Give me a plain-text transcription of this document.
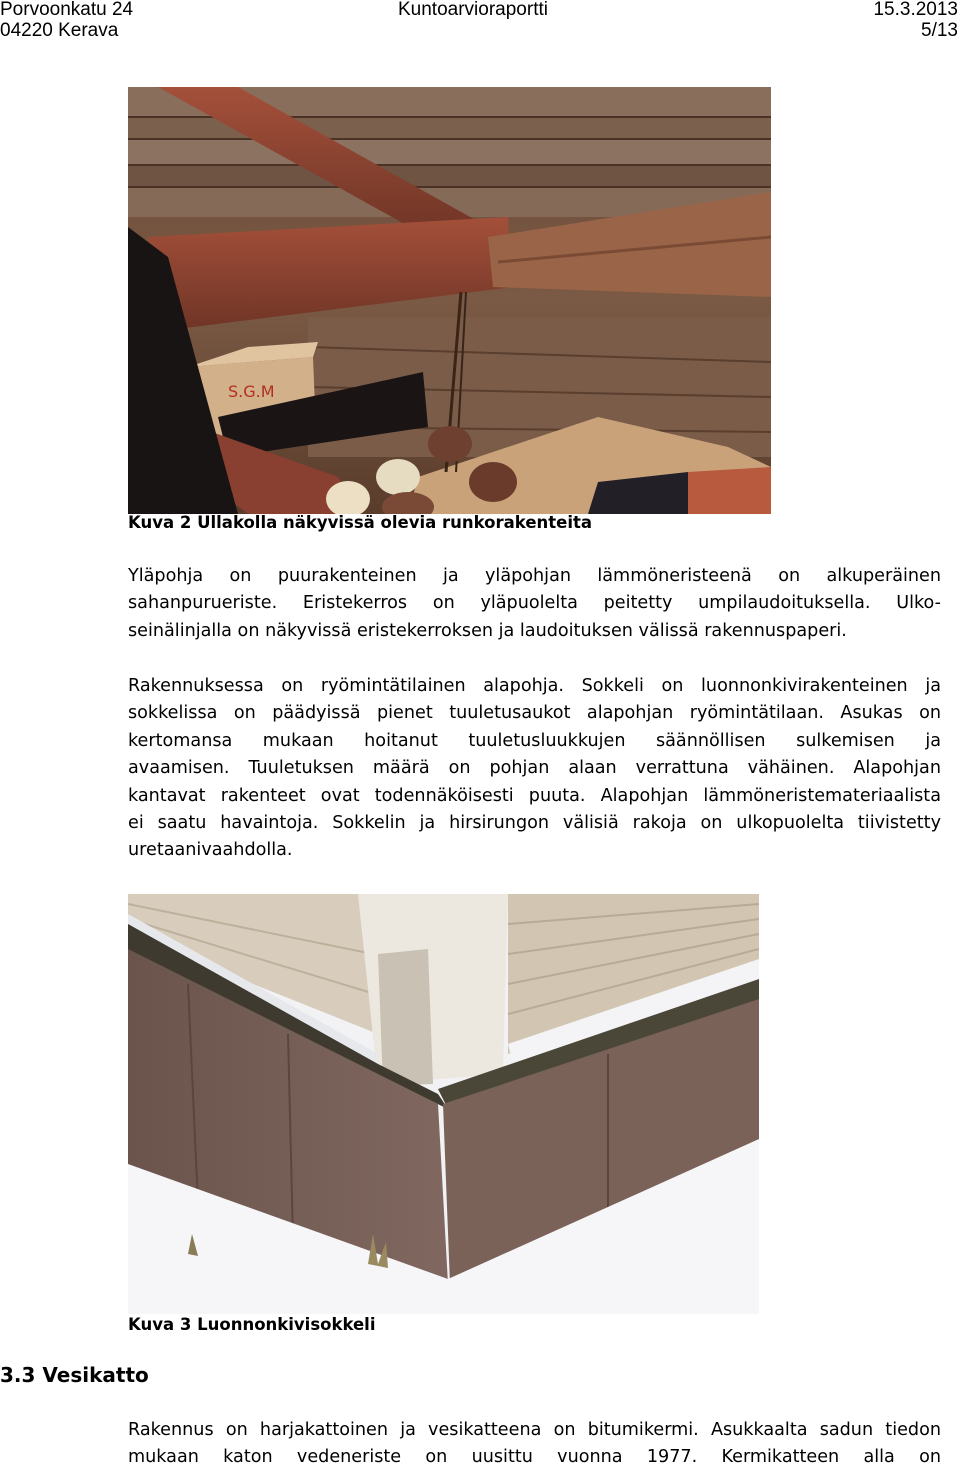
Porvoonkatu 24
04220 Kerava
Kuntoarvioraportti	15.3.2013
5/13
S.G.M
Kuva 2 Ullakolla näkyvissä olevia runkorakenteita
Yläpohja on puurakenteinen ja yläpohjan lämmöneristeenä on alkuperäinen
sahanpurueriste. Eristekerros on yläpuolelta peitetty umpilaudoituksella. Ulko-
seinälinjalla on näkyvissä eristekerroksen ja laudoituksen välissä rakennuspaperi.
Rakennuksessa on ryömintätilainen alapohja. Sokkeli on luonnonkivirakenteinen ja
sokkelissa on päädyissä pienet tuuletusaukot alapohjan ryömintätilaan. Asukas on
kertomansa mukaan hoitanut tuuletusluukkujen säännöllisen sulkemisen ja
avaamisen. Tuuletuksen määrä on pohjan alaan verrattuna vähäinen. Alapohjan
kantavat rakenteet ovat todennäköisesti puuta. Alapohjan lämmöneristemateriaalista
ei saatu havaintoja. Sokkelin ja hirsirungon välisiä rakoja on ulkopuolelta tiivistetty
uretaanivaahdolla.
Kuva 3 Luonnonkivisokkeli
3.3 Vesikatto
Rakennus on harjakattoinen ja vesikatteena on bitumikermi. Asukkaalta sadun tiedon
mukaan katon vedeneriste on uusittu vuonna 1977. Kermikatteen alla on
